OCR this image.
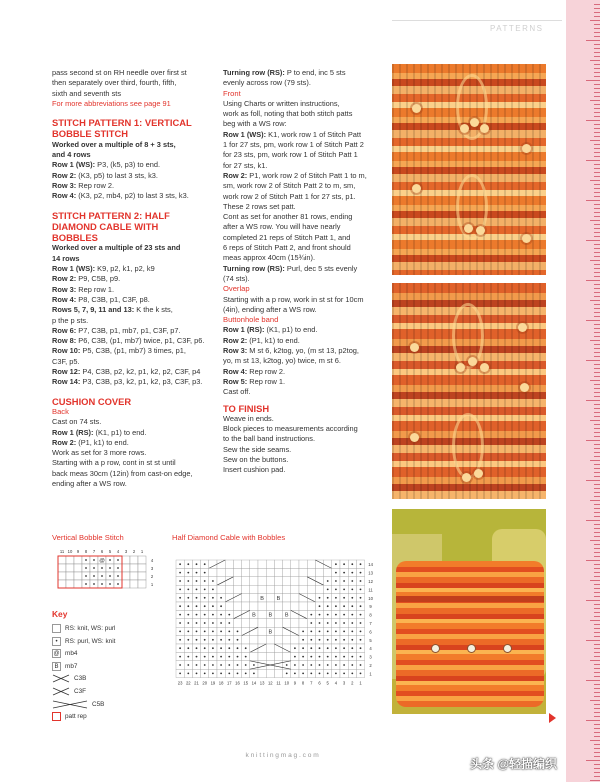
PATTERNS

pass second st on RH needle over first st

then separately over third, fourth, fifth,

sixth and seventh sts

For more abbreviations see page 91

STITCH PATTERN 1: VERTICAL

BOBBLE STITCH

Worked over a multiple of 8 + 3 sts,

and 4 rows

Row 1 (WS): P3, (k5, p3) to end.

Row 2: (K3, p5) to last 3 sts, k3.

Row 3: Rep row 2.

Row 4: (K3, p2, mb4, p2) to last 3 sts, k3.

STITCH PATTERN 2: HALF

DIAMOND CABLE WITH

BOBBLES

Worked over a multiple of 23 sts and

14 rows

Row 1 (WS): K9, p2, k1, p2, k9

Row 2: P9, C5B, p9.

Row 3: Rep row 1.

Row 4: P8, C3B, p1, C3F, p8.

Rows 5, 7, 9, 11 and 13: K the k sts,

p the p sts.

Row 6: P7, C3B, p1, mb7, p1, C3F, p7.

Row 8: P6, C3B, (p1, mb7) twice, p1, C3F, p6.

Row 10: P5, C3B, (p1, mb7) 3 times, p1,

C3F, p5.

Row 12: P4, C3B, p2, k2, p1, k2, p2, C3F, p4

Row 14: P3, C3B, p3, k2, p1, k2, p3, C3F, p3.

CUSHION COVER

Back

Cast on 74 sts.

Row 1 (RS): (K1, p1) to end.

Row 2: (P1, k1) to end.

Work as set for 3 more rows.

Starting with a p row, cont in st st until

back meas 30cm (12in) from cast-on edge,

ending after a WS row.

Turning row (RS): P to end, inc 5 sts

evenly across row (79 sts).

Front

Using Charts or written instructions,

work as foll, noting that both stitch patts

beg with a WS row:

Row 1 (WS): K1, work row 1 of Stitch Patt

1 for 27 sts, pm, work row 1 of Stitch Patt 2

for 23 sts, pm, work row 1 of Stitch Patt 1

for 27 sts, k1.

Row 2: P1, work row 2 of Stitch Patt 1 to m,

sm, work row 2 of Stitch Patt 2 to m, sm,

work row 2 of Stitch Patt 1 for 27 sts, p1.

These 2 rows set patt.

Cont as set for another 81 rows, ending

after a WS row. You will have nearly

completed 21 reps of Stitch Patt 1, and

6 reps of Stitch Patt 2, and front should

meas approx 40cm (15¾in).

Turning row (RS): Purl, dec 5 sts evenly

(74 sts).

Overlap

Starting with a p row, work in st st for 10cm

(4in), ending after a WS row.

Buttonhole band

Row 1 (RS): (K1, p1) to end.

Row 2: (P1, k1) to end.

Row 3: M st 6, k2tog, yo, (m st 13, p2tog,

yo, m st 13, k2tog, yo) twice, m st 6.

Row 4: Rep row 2.

Row 5: Rep row 1.

Cast off.

TO FINISH

Weave in ends.

Block pieces to measurements according

to the ball band instructions.

Sew the side seams.

Sew on the buttons.

Insert cushion pad.

Vertical Bobble Stitch	Half Diamond Cable with Bobbles
11 10 9 8 7 6 5 4 3 2 1
@	4
3
2
1
14
13
12
11
10
9
8
7
6
5
4
3
2
1
B
B B B
B B
23 22 21 20 19 18 17 16 15 14 13 12 11 10 9 8 7 6 5 4 3 2 1
Key
knittingmag.com
头条 @轻描编织
RS: knit, WS: purl
•	RS: purl, WS: knit
@ mb4
B	mb7
C3B
C3F
C5B
patt rep
